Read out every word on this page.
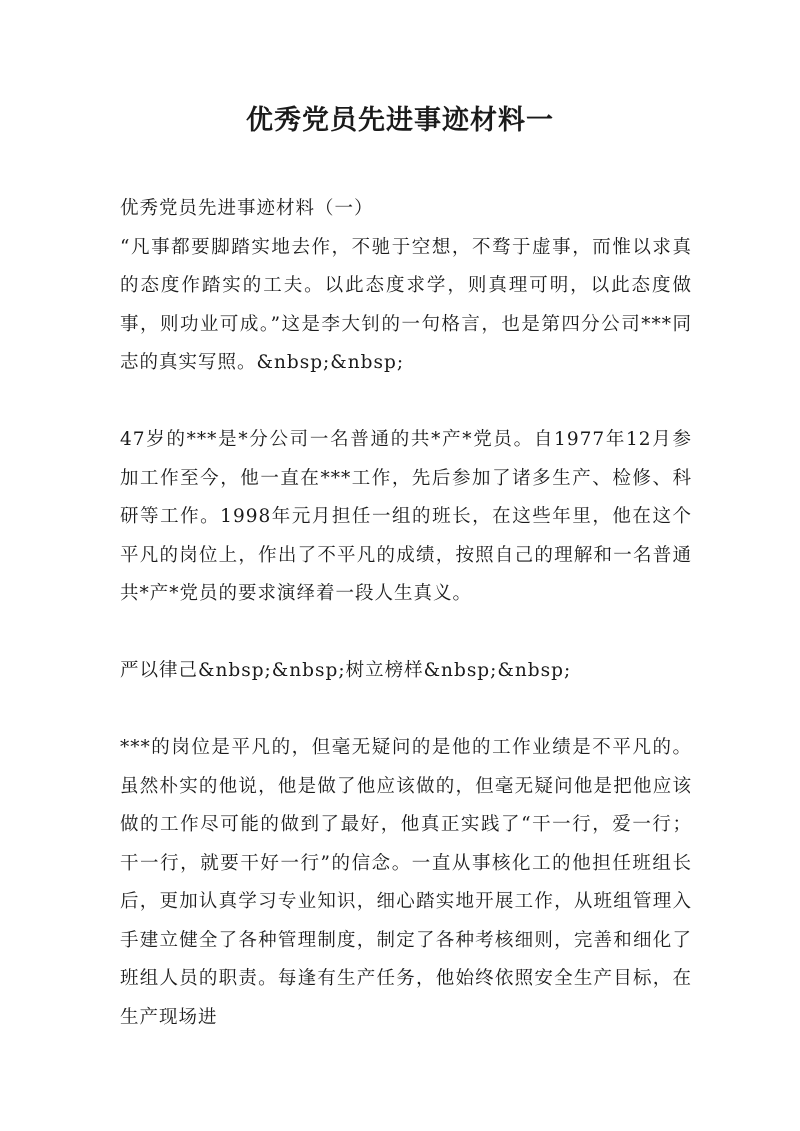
优秀党员先进事迹材料一

优秀党员先进事迹材料（一）

“凡事都要脚踏实地去作，不驰于空想，不骛于虚事，而惟以求真的态度作踏实的工夫。以此态度求学，则真理可明，以此态度做事，则功业可成。”这是李大钊的一句格言，也是第四分公司***同志的真实写照。&nbsp;&nbsp;

47岁的***是*分公司一名普通的共*产*党员。自1977年12月参加工作至今，他一直在***工作，先后参加了诸多生产、检修、科研等工作。1998年元月担任一组的班长，在这些年里，他在这个平凡的岗位上，作出了不平凡的成绩，按照自己的理解和一名普通共*产*党员的要求演绎着一段人生真义。

严以律己&nbsp;&nbsp;树立榜样&nbsp;&nbsp;

***的岗位是平凡的，但毫无疑问的是他的工作业绩是不平凡的。虽然朴实的他说，他是做了他应该做的，但毫无疑问他是把他应该做的工作尽可能的做到了最好，他真正实践了“干一行，爱一行；干一行，就要干好一行”的信念。一直从事核化工的他担任班组长后，更加认真学习专业知识，细心踏实地开展工作，从班组管理入手建立健全了各种管理制度，制定了各种考核细则，完善和细化了班组人员的职责。每逢有生产任务，他始终依照安全生产目标，在生产现场进
